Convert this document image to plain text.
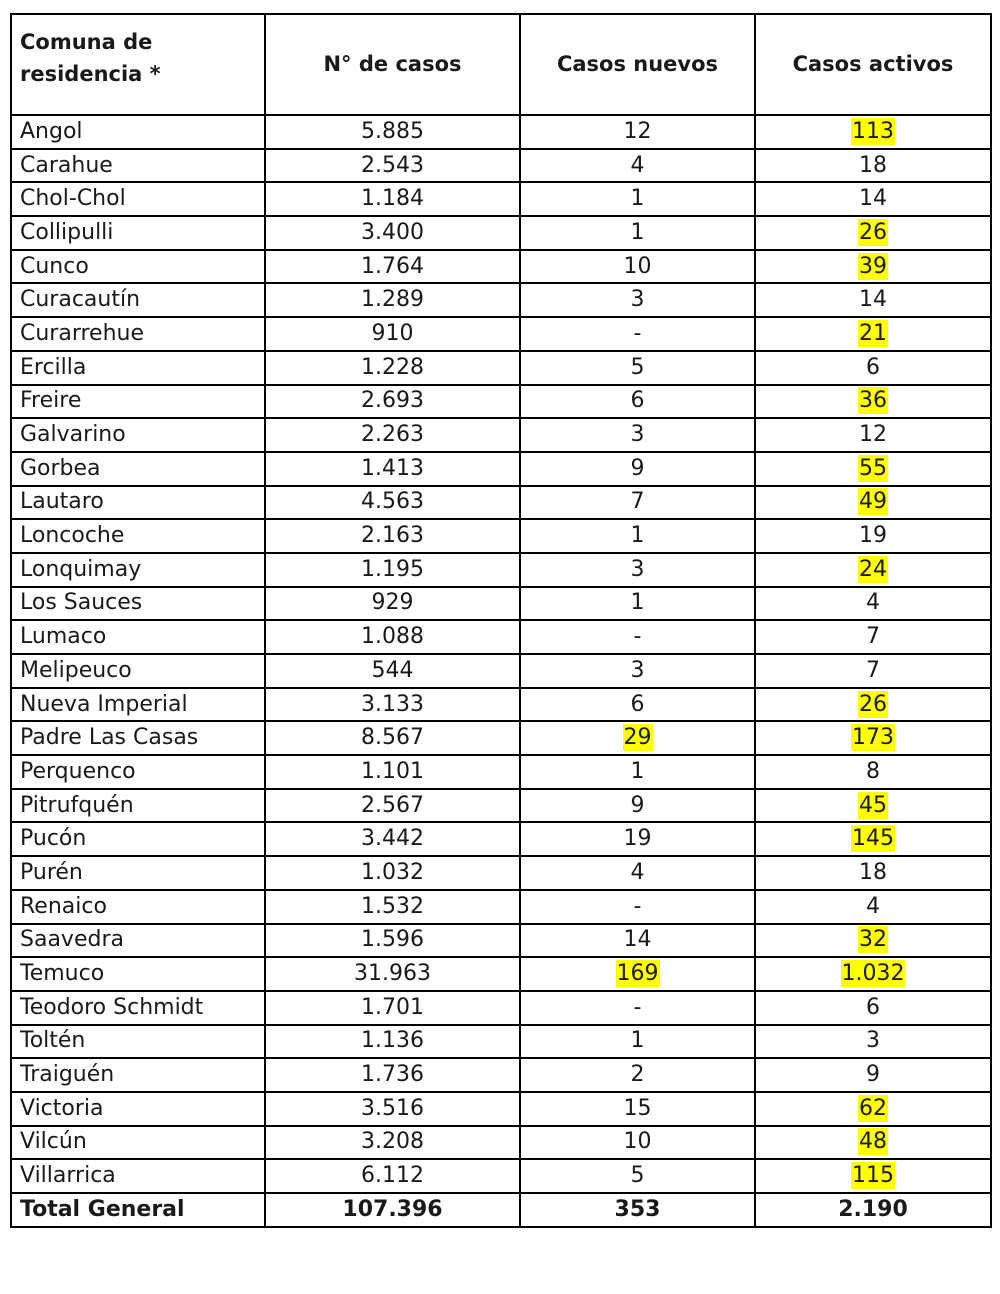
Comuna de residencia *	N° de casos	Casos nuevos	Casos activos
Angol	5.885	12	113
Carahue	2.543	4	18
Chol-Chol	1.184	1	14
Collipulli	3.400	1	26
Cunco	1.764	10	39
Curacautín	1.289	3	14
Curarrehue	910	-	21
Ercilla	1.228	5	6
Freire	2.693	6	36
Galvarino	2.263	3	12
Gorbea	1.413	9	55
Lautaro	4.563	7	49
Loncoche	2.163	1	19
Lonquimay	1.195	3	24
Los Sauces	929	1	4
Lumaco	1.088	-	7
Melipeuco	544	3	7
Nueva Imperial	3.133	6	26
Padre Las Casas	8.567	29	173
Perquenco	1.101	1	8
Pitrufquén	2.567	9	45
Pucón	3.442	19	145
Purén	1.032	4	18
Renaico	1.532	-	4
Saavedra	1.596	14	32
Temuco	31.963	169	1.032
Teodoro Schmidt	1.701	-	6
Toltén	1.136	1	3
Traiguén	1.736	2	9
Victoria	3.516	15	62
Vilcún	3.208	10	48
Villarrica	6.112	5	115
Total General	107.396	353	2.190
